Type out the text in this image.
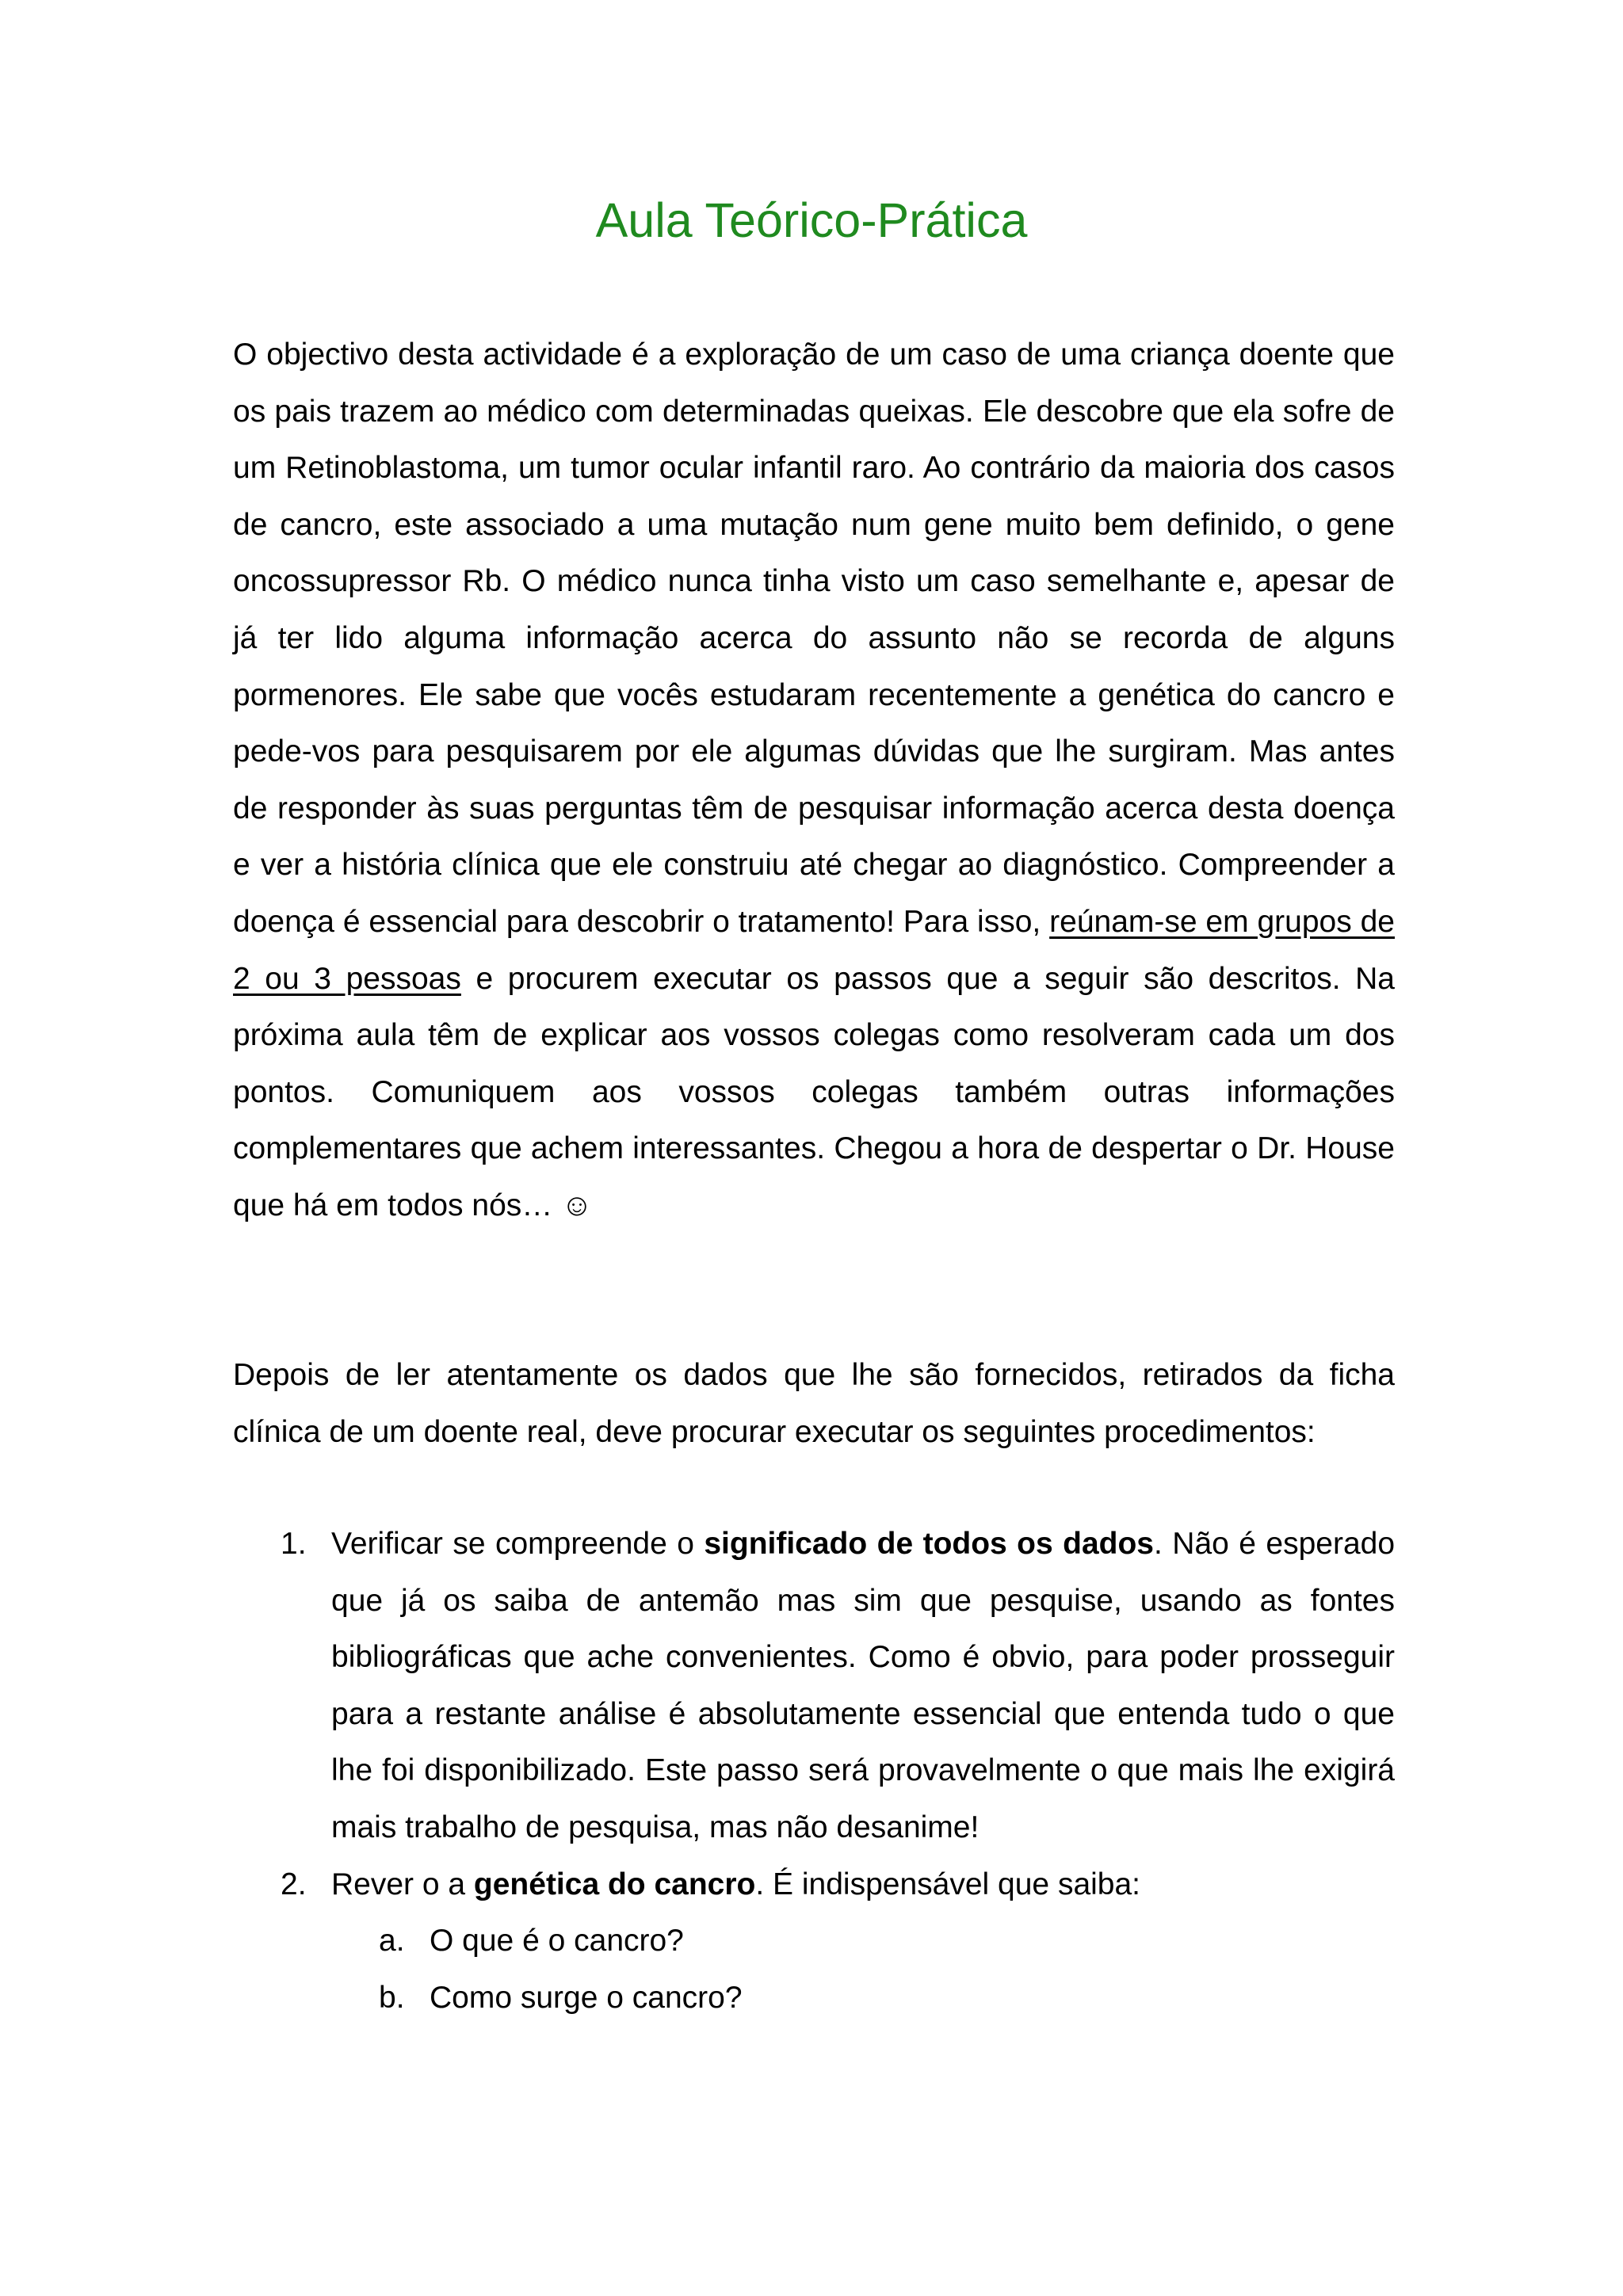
Aula Teórico-Prática

O objectivo desta actividade é a exploração de um caso de uma criança doente que os pais trazem ao médico com determinadas queixas. Ele descobre que ela sofre de um Retinoblastoma, um tumor ocular infantil raro. Ao contrário da maioria dos casos de cancro, este associado a uma mutação num gene muito bem definido, o gene oncossupressor Rb. O médico nunca tinha visto um caso semelhante e, apesar de já ter lido alguma informação acerca do assunto não se recorda de alguns pormenores. Ele sabe que vocês estudaram recentemente a genética do cancro e pede-vos para pesquisarem por ele algumas dúvidas que lhe surgiram. Mas antes de responder às suas perguntas têm de pesquisar informação acerca desta doença e ver a história clínica que ele construiu até chegar ao diagnóstico. Compreender a doença é essencial para descobrir o tratamento! Para isso, reúnam-se em grupos de 2 ou 3 pessoas e procurem executar os passos que a seguir são descritos. Na próxima aula têm de explicar aos vossos colegas como resolveram cada um dos pontos. Comuniquem aos vossos colegas também outras informações complementares que achem interessantes. Chegou a hora de despertar o Dr. House que há em todos nós… ☺

Depois de ler atentamente os dados que lhe são fornecidos, retirados da ficha clínica de um doente real, deve procurar executar os seguintes procedimentos:

1. Verificar se compreende o significado de todos os dados. Não é esperado que já os saiba de antemão mas sim que pesquise, usando as fontes bibliográficas que ache convenientes. Como é obvio, para poder prosseguir para a restante análise é absolutamente essencial que entenda tudo o que lhe foi disponibilizado. Este passo será provavelmente o que mais lhe exigirá mais trabalho de pesquisa, mas não desanime!
2. Rever o a genética do cancro. É indispensável que saiba:
a. O que é o cancro?
b. Como surge o cancro?
